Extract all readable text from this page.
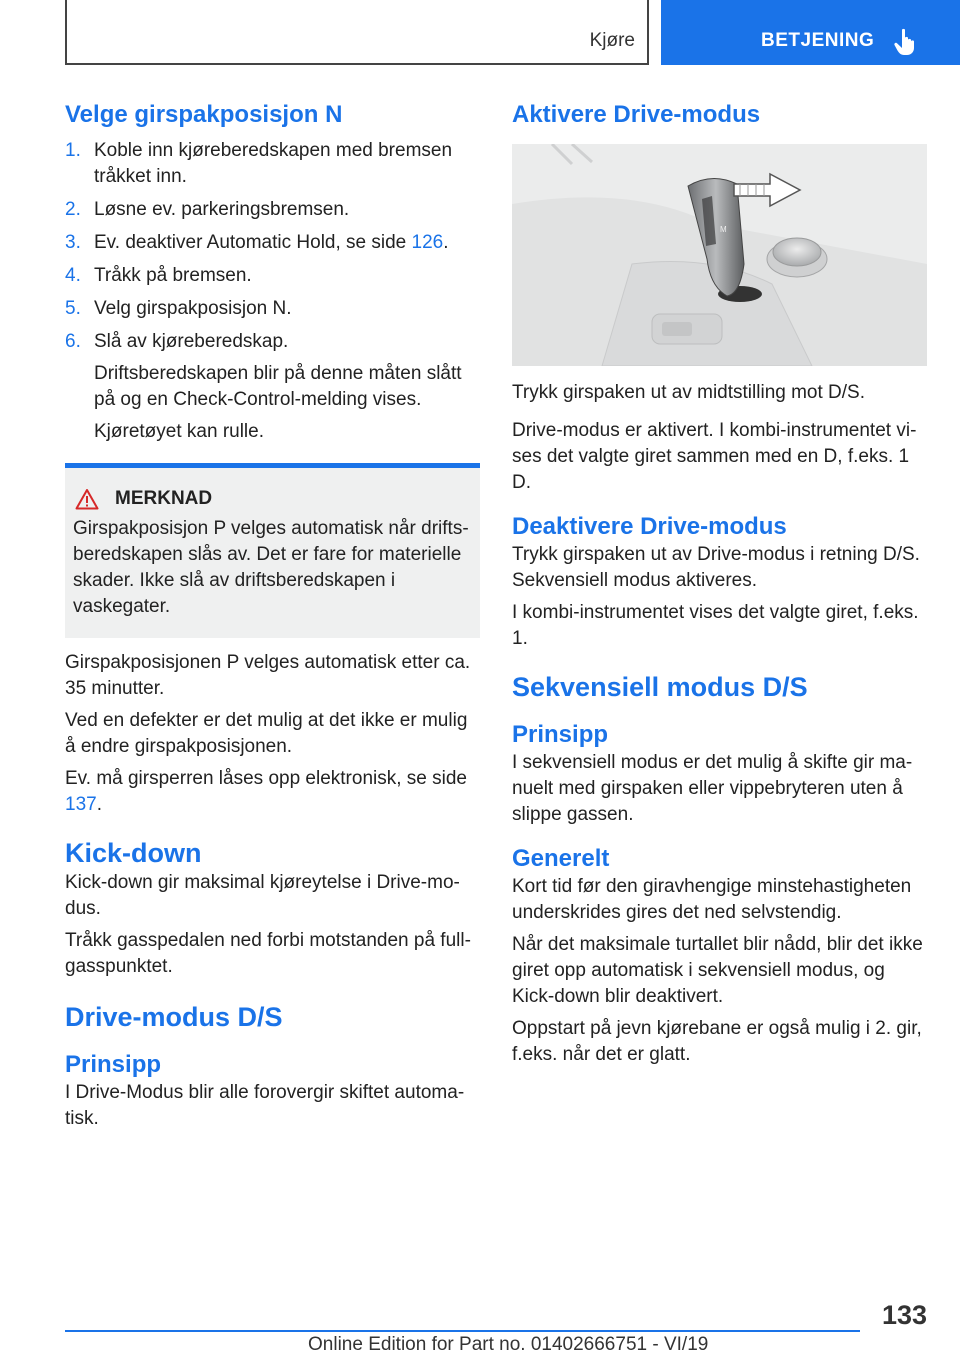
Kjøre	BETJENING
Velge girspakposisjon N
1. Koble inn kjøreberedskapen med bremsen tråkket inn.
2. Løsne ev. parkeringsbremsen.
3. Ev. deaktiver Automatic Hold, se side 126.
4. Tråkk på bremsen.
5. Velg girspakposisjon N.
6. Slå av kjøreberedskap.

Driftsberedskapen blir på denne måten slått på og en Check-Control-melding vises.

Kjøretøyet kan rulle.

MERKNAD

Girspakposisjon P velges automatisk når driftsberedskapen slås av. Det er fare for materielle skader. Ikke slå av driftsberedskapen i vaskegater.

Girspakposisjonen P velges automatisk etter ca. 35 minutter.

Ved en defekter er det mulig at det ikke er mulig å endre girspakposisjonen.

Ev. må girsperren låses opp elektronisk, se side 137.

Kick-down

Kick-down gir maksimal kjøreytelse i Drive-modus.

Tråkk gasspedalen ned forbi motstanden på fullgasspunktet.

Drive-modus D/S
Prinsipp

I Drive-Modus blir alle forovergir skiftet automatisk.

Aktivere Drive-modus
M

Trykk girspaken ut av midtstilling mot D/S.

Drive-modus er aktivert. I kombi-instrumentet vises det valgte giret sammen med en D, f.eks. 1 D.

Deaktivere Drive-modus

Trykk girspaken ut av Drive-modus i retning D/S. Sekvensiell modus aktiveres.

I kombi-instrumentet vises det valgte giret, f.eks. 1.

Sekvensiell modus D/S
Prinsipp

I sekvensiell modus er det mulig å skifte gir manuelt med girspaken eller vippebryteren uten å slippe gassen.

Generelt

Kort tid før den giravhengige minstehastigheten underskrides gires det ned selvstendig.

Når det maksimale turtallet blir nådd, blir det ikke giret opp automatisk i sekvensiell modus, og Kick-down blir deaktivert.

Oppstart på jevn kjørebane er også mulig i 2. gir, f.eks. når det er glatt.

133
Online Edition for Part no. 01402666751 - VI/19
